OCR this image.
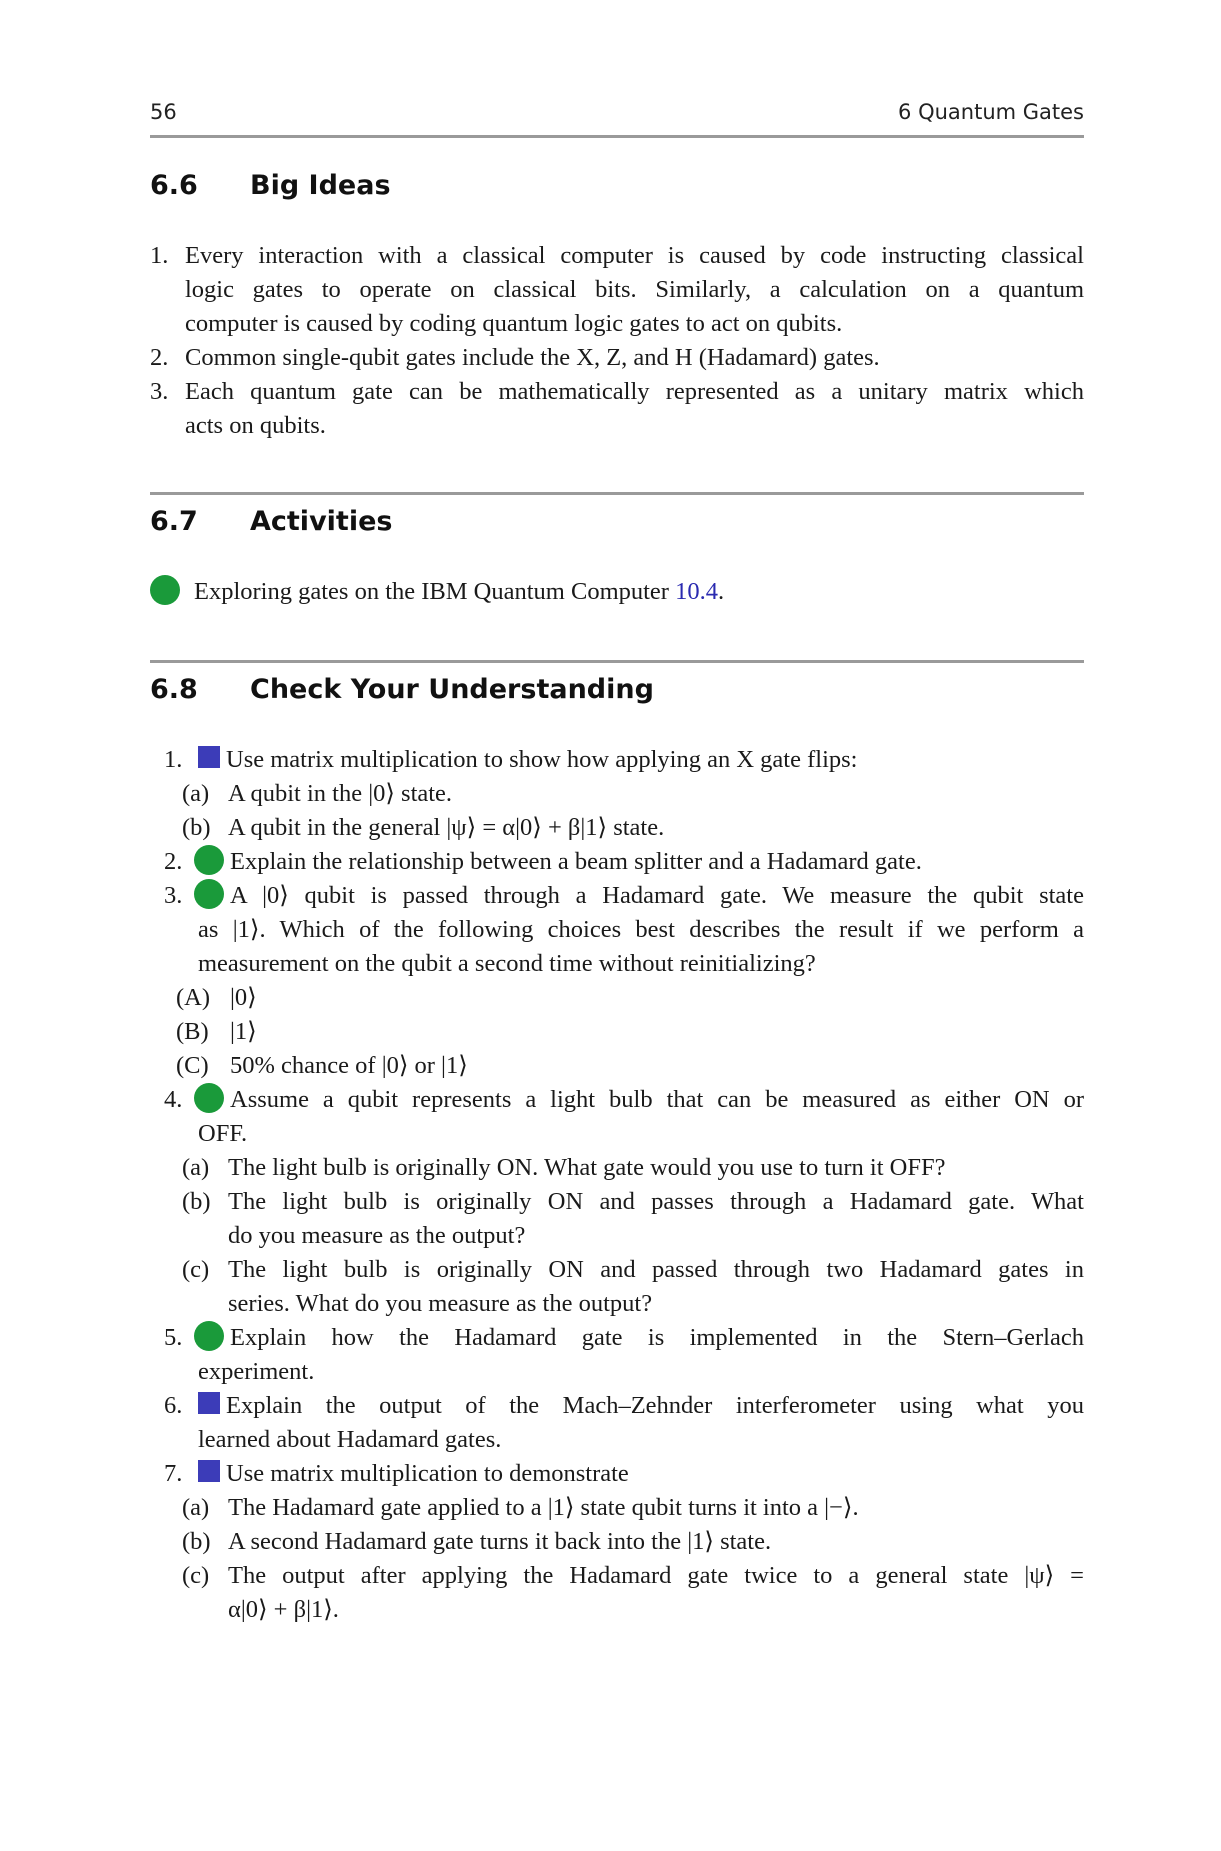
56	6 Quantum Gates
6.6 Big Ideas
1. Every interaction with a classical computer is caused by code instructing classical
logic gates to operate on classical bits. Similarly, a calculation on a quantum
computer is caused by coding quantum logic gates to act on qubits.
2. Common single-qubit gates include the X, Z, and H (Hadamard) gates.
3. Each quantum gate can be mathematically represented as a unitary matrix which
acts on qubits.
6.7 Activities
Exploring gates on the IBM Quantum Computer 10.4.
6.8 Check Your Understanding
1.	Use matrix multiplication to show how applying an X gate flips:
(a) A qubit in the |0⟩ state.
(b) A qubit in the general |ψ⟩ = α|0⟩ + β|1⟩ state.
2.	Explain the relationship between a beam splitter and a Hadamard gate.
3.	A |0⟩ qubit is passed through a Hadamard gate. We measure the qubit state
as |1⟩. Which of the following choices best describes the result if we perform a
measurement on the qubit a second time without reinitializing?
(A) |0⟩
(B) |1⟩
(C) 50% chance of |0⟩ or |1⟩
4.	Assume a qubit represents a light bulb that can be measured as either ON or
OFF.
(a) The light bulb is originally ON. What gate would you use to turn it OFF?
(b) The light bulb is originally ON and passes through a Hadamard gate. What
do you measure as the output?
(c) The light bulb is originally ON and passed through two Hadamard gates in
series. What do you measure as the output?
5.	Explain how the Hadamard gate is implemented in the Stern–Gerlach
experiment.
6.	Explain the output of the Mach–Zehnder interferometer using what you
learned about Hadamard gates.
7.	Use matrix multiplication to demonstrate
(a) The Hadamard gate applied to a |1⟩ state qubit turns it into a |−⟩.
(b) A second Hadamard gate turns it back into the |1⟩ state.
(c) The output after applying the Hadamard gate twice to a general state |ψ⟩ =
α|0⟩ + β|1⟩.
